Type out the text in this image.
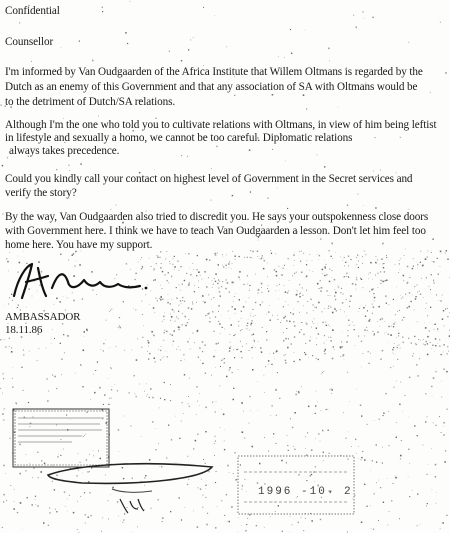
Confidential
Counsellor
I'm informed by Van Oudgaarden of the Africa Institute that Willem Oltmans is regarded by the
Dutch as an enemy of this Government and that any association of SA with Oltmans would be
to the detriment of Dutch/SA relations.
Although I'm the one who told you to cultivate relations with Oltmans, in view of him being leftist
in lifestyle and sexually a homo, we cannot be too careful. Diplomatic relations
always takes precedence.
Could you kindly call your contact on highest level of Government in the Secret services and
verify the story?
By the way, Van Oudgaarden also tried to discredit you. He says your outspokenness close doors
with Government here. I think we have to teach Van Oudgaarden a lesson. Don't let him feel too
home here. You have my support.
AMBASSADOR
18.11.86
1996 -10- 2
